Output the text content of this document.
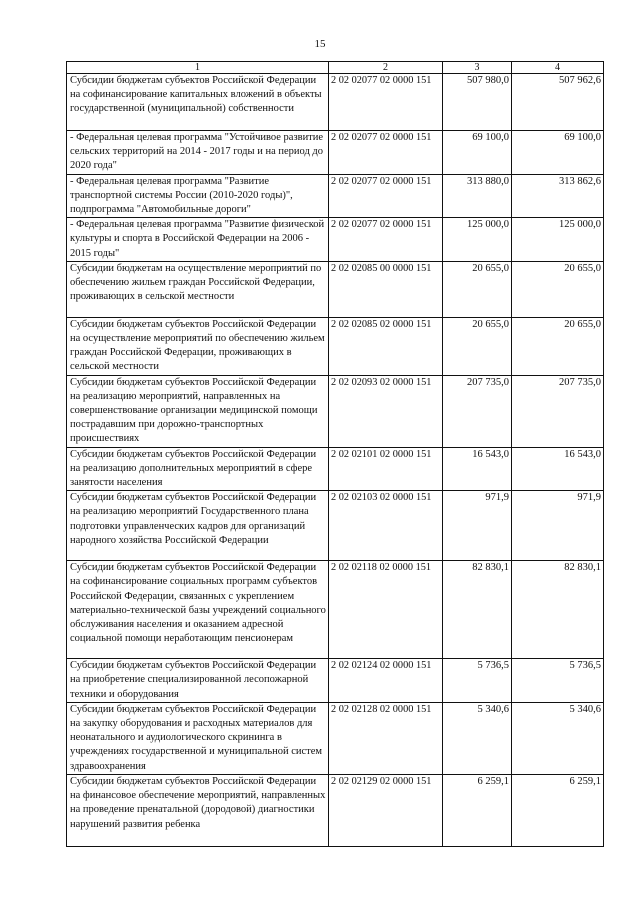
15
1	2	3	4
Субсидии бюджетам субъектов Российской Федерации на софинансирование капитальных вложений в объекты государственной (муниципальной) собственности	2 02 02077 02 0000 151	507 980,0	507 962,6
- Федеральная целевая программа "Устойчивое развитие сельских территорий на 2014 - 2017 годы и на период до 2020 года"	2 02 02077 02 0000 151	69 100,0	69 100,0
- Федеральная целевая программа "Развитие транспортной системы России (2010-2020 годы)", подпрограмма "Автомобильные дороги"	2 02 02077 02 0000 151	313 880,0	313 862,6
- Федеральная целевая программа "Развитие физической культуры и спорта в Российской Федерации на 2006 - 2015 годы"	2 02 02077 02 0000 151	125 000,0	125 000,0
Субсидии бюджетам на осуществление мероприятий по обеспечению жильем граждан Российской Федерации, проживающих в сельской местности	2 02 02085 00 0000 151	20 655,0	20 655,0
Субсидии бюджетам субъектов Российской Федерации на осуществление мероприятий по обеспечению жильем граждан Российской Федерации, проживающих в сельской местности	2 02 02085 02 0000 151	20 655,0	20 655,0
Субсидии бюджетам субъектов Российской Федерации на реализацию мероприятий, направленных на совершенствование организации медицинской помощи пострадавшим при дорожно-транспортных происшествиях	2 02 02093 02 0000 151	207 735,0	207 735,0
Субсидии бюджетам субъектов Российской Федерации на реализацию дополнительных мероприятий в сфере занятости населения	2 02 02101 02 0000 151	16 543,0	16 543,0
Субсидии бюджетам субъектов Российской Федерации на реализацию мероприятий Государственного плана подготовки управленческих кадров для организаций народного хозяйства Российской Федерации	2 02 02103 02 0000 151	971,9	971,9
Субсидии бюджетам субъектов Российской Федерации на софинансирование социальных программ субъектов Российской Федерации, связанных с укреплением материально-технической базы учреждений социального обслуживания населения и оказанием адресной социальной помощи неработающим пенсионерам	2 02 02118 02 0000 151	82 830,1	82 830,1
Субсидии бюджетам субъектов Российской Федерации на приобретение специализированной лесопожарной техники и оборудования	2 02 02124 02 0000 151	5 736,5	5 736,5
Субсидии бюджетам субъектов Российской Федерации на закупку оборудования и расходных материалов для неонатального и аудиологического скрининга в учреждениях государственной и муниципальной систем здравоохранения	2 02 02128 02 0000 151	5 340,6	5 340,6
Субсидии бюджетам субъектов Российской Федерации на финансовое обеспечение мероприятий, направленных на проведение пренатальной (дородовой) диагностики нарушений развития ребенка	2 02 02129 02 0000 151	6 259,1	6 259,1
